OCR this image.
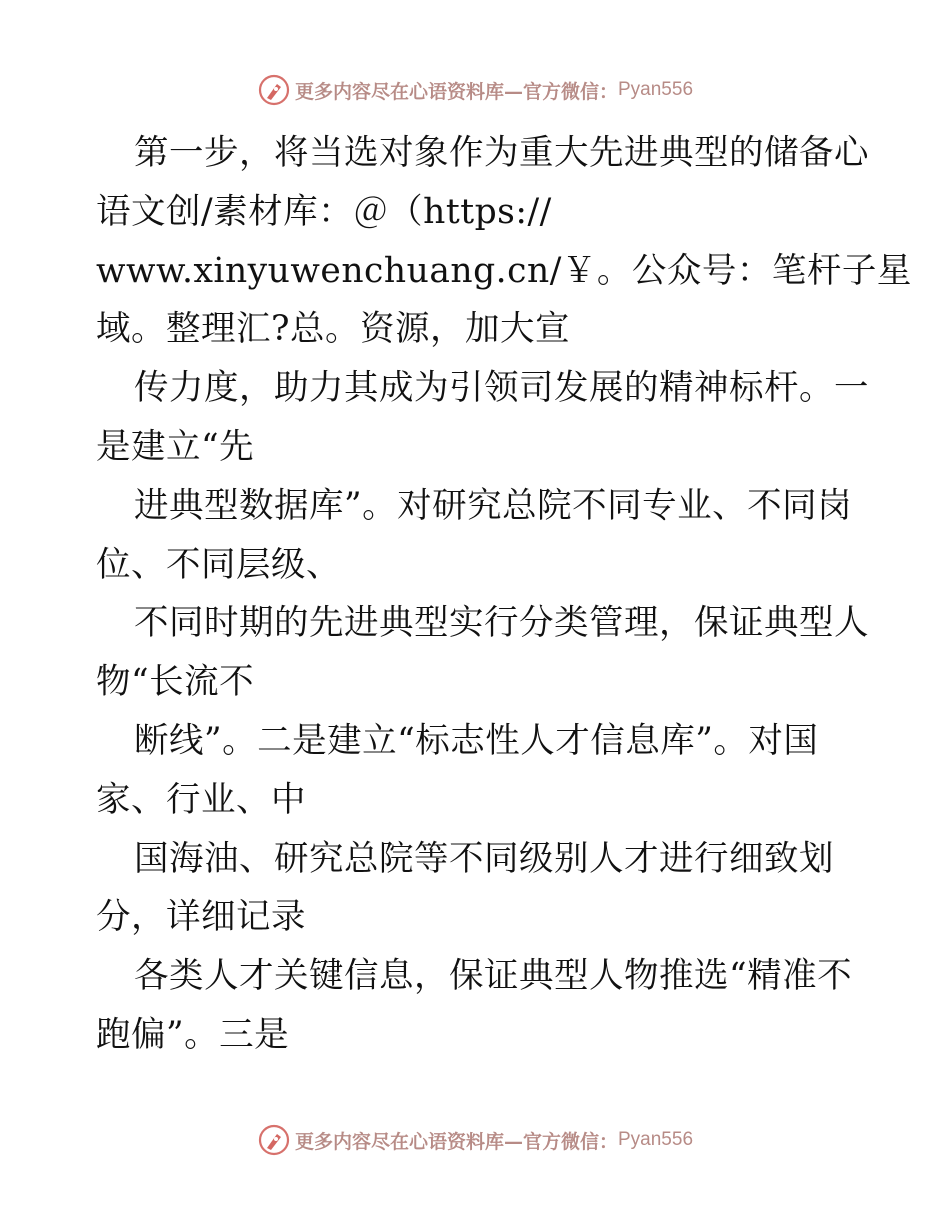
更多内容尽在心语资料库—官方微信： Pyan556
第一步，将当选对象作为重大先进典型的储备心
语文创/素材库：＠（https://
www.xinyuwenchuang.cn/￥。公众号：笔杆子星
域。整理汇?总。资源，加大宣
传力度，助力其成为引领司发展的精神标杆。一
是建立“先
进典型数据库”。对研究总院不同专业、不同岗
位、不同层级、
不同时期的先进典型实行分类管理，保证典型人
物“长流不
断线”。二是建立“标志性人才信息库”。对国
家、行业、中
国海油、研究总院等不同级别人才进行细致划
分，详细记录
各类人才关键信息，保证典型人物推选“精准不
跑偏”。三是
更多内容尽在心语资料库—官方微信： Pyan556
